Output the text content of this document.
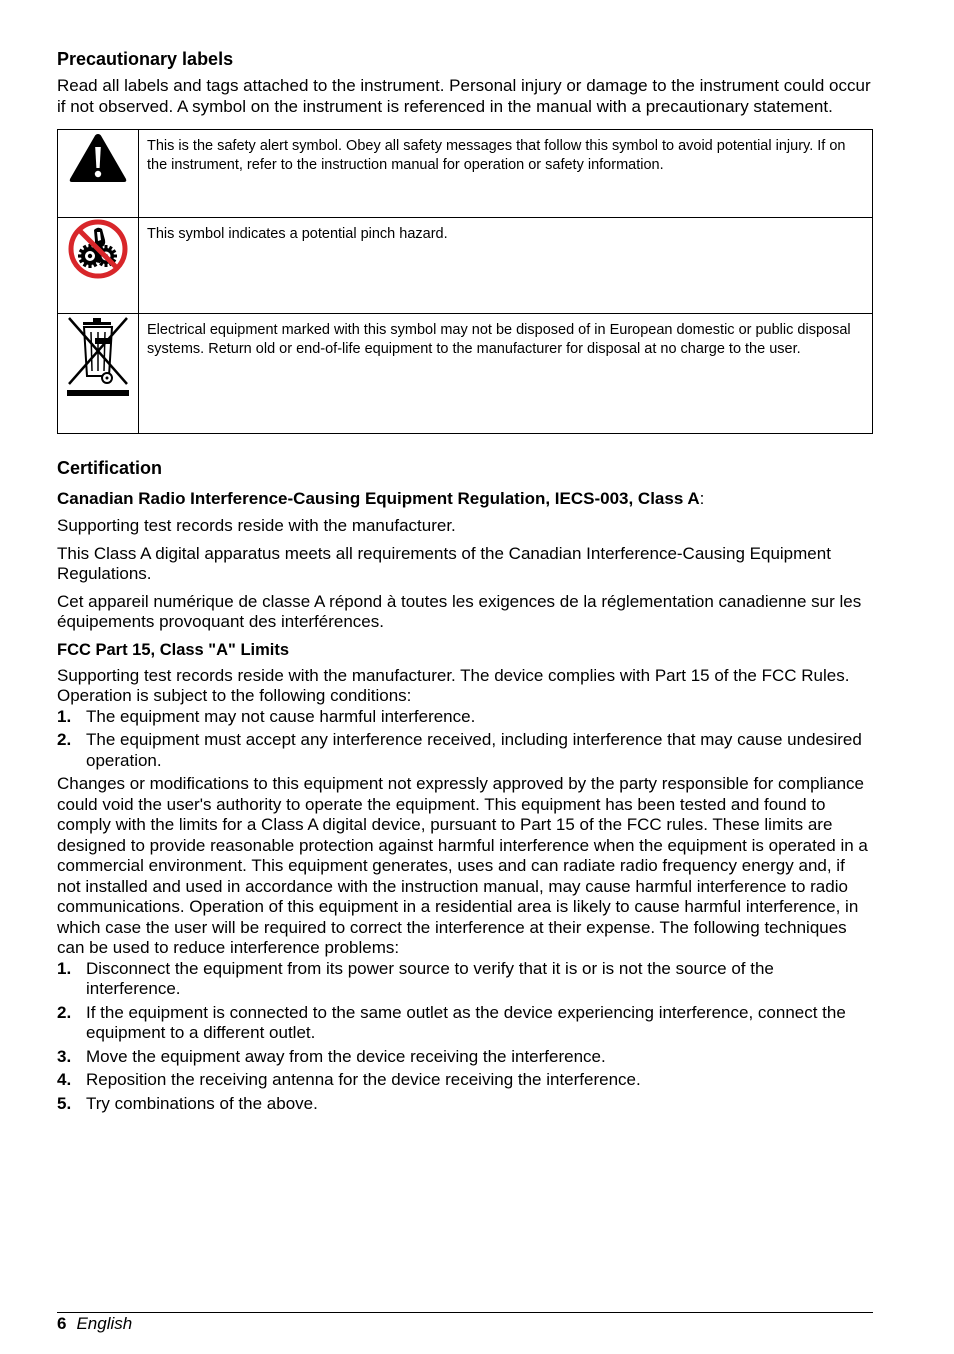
Precautionary labels

Read all labels and tags attached to the instrument. Personal injury or damage to the instrument could occur if not observed. A symbol on the instrument is referenced in the manual with a precautionary statement.

	This is the safety alert symbol. Obey all safety messages that follow this symbol to avoid potential injury. If on the instrument, refer to the instruction manual for operation or safety information.
	This symbol indicates a potential pinch hazard.
	Electrical equipment marked with this symbol may not be disposed of in European domestic or public disposal systems. Return old or end-of-life equipment to the manufacturer for disposal at no charge to the user.
Certification
Canadian Radio Interference-Causing Equipment Regulation, IECS-003, Class A:

Supporting test records reside with the manufacturer.

This Class A digital apparatus meets all requirements of the Canadian Interference-Causing Equipment Regulations.

Cet appareil numérique de classe A répond à toutes les exigences de la réglementation canadienne sur les équipements provoquant des interférences.

FCC Part 15, Class "A" Limits

Supporting test records reside with the manufacturer. The device complies with Part 15 of the FCC Rules. Operation is subject to the following conditions:

1. The equipment may not cause harmful interference.
2. The equipment must accept any interference received, including interference that may cause undesired operation.

Changes or modifications to this equipment not expressly approved by the party responsible for compliance could void the user's authority to operate the equipment. This equipment has been tested and found to comply with the limits for a Class A digital device, pursuant to Part 15 of the FCC rules. These limits are designed to provide reasonable protection against harmful interference when the equipment is operated in a commercial environment. This equipment generates, uses and can radiate radio frequency energy and, if not installed and used in accordance with the instruction manual, may cause harmful interference to radio communications. Operation of this equipment in a residential area is likely to cause harmful interference, in which case the user will be required to correct the interference at their expense. The following techniques can be used to reduce interference problems:

1. Disconnect the equipment from its power source to verify that it is or is not the source of the interference.
2. If the equipment is connected to the same outlet as the device experiencing interference, connect the equipment to a different outlet.
3. Move the equipment away from the device receiving the interference.
4. Reposition the receiving antenna for the device receiving the interference.
5. Try combinations of the above.
6 English
